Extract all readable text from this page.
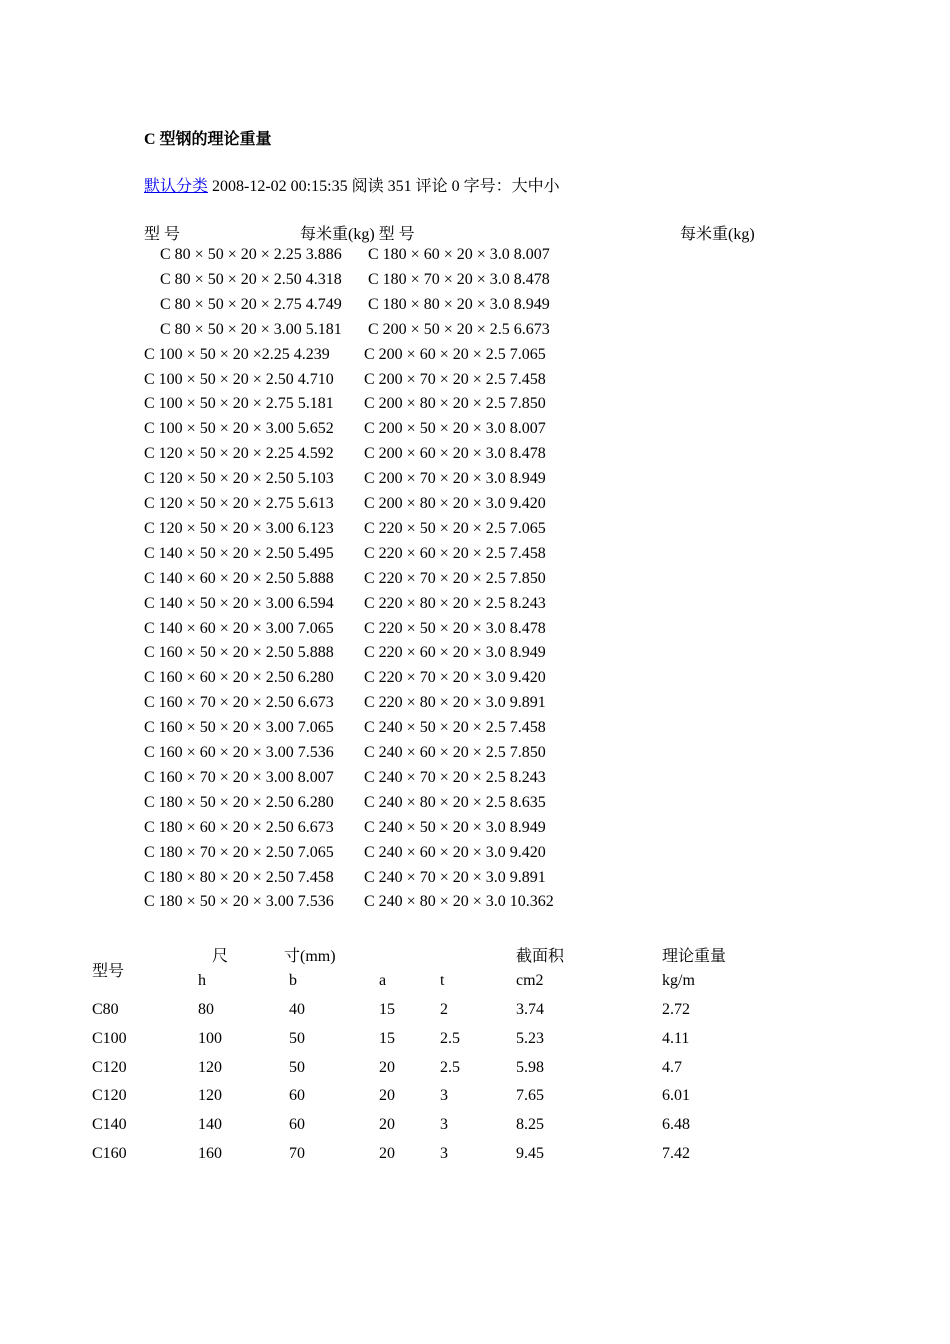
C 型钢的理论重量
默认分类 2008-12-02 00:15:35 阅读 351 评论 0 字号：大中小
型 号	每米重(kg) 型 号	每米重(kg)
C 80 × 50 × 20 × 2.25 3.886 C 180 × 60 × 20 × 3.0 8.007
C 80 × 50 × 20 × 2.50 4.318 C 180 × 70 × 20 × 3.0 8.478
C 80 × 50 × 20 × 2.75 4.749 C 180 × 80 × 20 × 3.0 8.949
C 80 × 50 × 20 × 3.00 5.181 C 200 × 50 × 20 × 2.5 6.673
C 100 × 50 × 20 ×2.25 4.239 C 200 × 60 × 20 × 2.5 7.065
C 100 × 50 × 20 × 2.50 4.710 C 200 × 70 × 20 × 2.5 7.458
C 100 × 50 × 20 × 2.75 5.181 C 200 × 80 × 20 × 2.5 7.850
C 100 × 50 × 20 × 3.00 5.652 C 200 × 50 × 20 × 3.0 8.007
C 120 × 50 × 20 × 2.25 4.592 C 200 × 60 × 20 × 3.0 8.478
C 120 × 50 × 20 × 2.50 5.103 C 200 × 70 × 20 × 3.0 8.949
C 120 × 50 × 20 × 2.75 5.613 C 200 × 80 × 20 × 3.0 9.420
C 120 × 50 × 20 × 3.00 6.123 C 220 × 50 × 20 × 2.5 7.065
C 140 × 50 × 20 × 2.50 5.495 C 220 × 60 × 20 × 2.5 7.458
C 140 × 60 × 20 × 2.50 5.888 C 220 × 70 × 20 × 2.5 7.850
C 140 × 50 × 20 × 3.00 6.594 C 220 × 80 × 20 × 2.5 8.243
C 140 × 60 × 20 × 3.00 7.065 C 220 × 50 × 20 × 3.0 8.478
C 160 × 50 × 20 × 2.50 5.888 C 220 × 60 × 20 × 3.0 8.949
C 160 × 60 × 20 × 2.50 6.280 C 220 × 70 × 20 × 3.0 9.420
C 160 × 70 × 20 × 2.50 6.673 C 220 × 80 × 20 × 3.0 9.891
C 160 × 50 × 20 × 3.00 7.065 C 240 × 50 × 20 × 2.5 7.458
C 160 × 60 × 20 × 3.00 7.536 C 240 × 60 × 20 × 2.5 7.850
C 160 × 70 × 20 × 3.00 8.007 C 240 × 70 × 20 × 2.5 8.243
C 180 × 50 × 20 × 2.50 6.280 C 240 × 80 × 20 × 2.5 8.635
C 180 × 60 × 20 × 2.50 6.673 C 240 × 50 × 20 × 3.0 8.949
C 180 × 70 × 20 × 2.50 7.065 C 240 × 60 × 20 × 3.0 9.420
C 180 × 80 × 20 × 2.50 7.458 C 240 × 70 × 20 × 3.0 9.891
C 180 × 50 × 20 × 3.00 7.536 C 240 × 80 × 20 × 3.0 10.362
型号
尺	寸(mm)	截面积	理论重量
h	b	a	t	cm2	kg/m
C80	80	40	15	2	3.74	2.72
C100	100	50	15	2.5	5.23	4.11
C120	120	50	20	2.5	5.98	4.7
C120	120	60	20	3	7.65	6.01
C140	140	60	20	3	8.25	6.48
C160	160	70	20	3	9.45	7.42
